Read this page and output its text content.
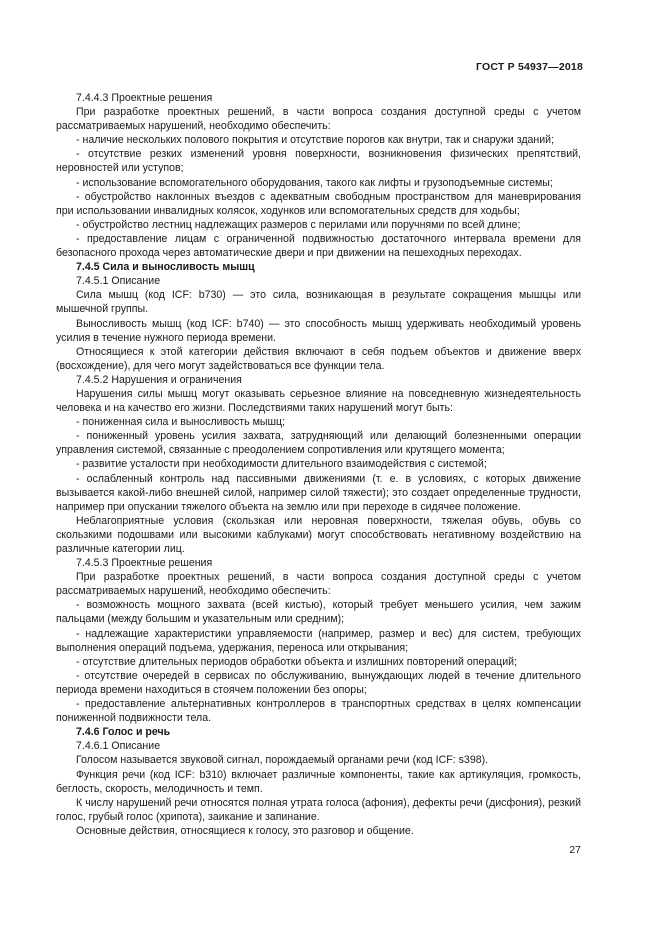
ГОСТ Р 54937—2018
7.4.4.3 Проектные решения

При разработке проектных решений, в части вопроса создания доступной среды с учетом рассматриваемых нарушений, необходимо обеспечить:

- наличие нескольких полового покрытия и отсутствие порогов как внутри, так и снаружи зданий;

- отсутствие резких изменений уровня поверхности, возникновения физических препятствий, неровностей или уступов;

- использование вспомогательного оборудования, такого как лифты и грузоподъемные системы;

- обустройство наклонных въездов с адекватным свободным пространством для маневрирования при использовании инвалидных колясок, ходунков или вспомогательных средств для ходьбы;

- обустройство лестниц надлежащих размеров с перилами или поручнями по всей длине;

- предоставление лицам с ограниченной подвижностью достаточного интервала времени для безопасного прохода через автоматические двери и при движении на пешеходных переходах.

7.4.5 Сила и выносливость мышц
7.4.5.1 Описание

Сила мышц (код ICF: b730) — это сила, возникающая в результате сокращения мышцы или мышечной группы.

Выносливость мышц (код ICF: b740) — это способность мышц удерживать необходимый уровень усилия в течение нужного периода времени.

Относящиеся к этой категории действия включают в себя подъем объектов и движение вверх (восхождение), для чего могут задействоваться все функции тела.

7.4.5.2 Нарушения и ограничения

Нарушения силы мышц могут оказывать серьезное влияние на повседневную жизнедеятельность человека и на качество его жизни. Последствиями таких нарушений могут быть:

- пониженная сила и выносливость мышц;

- пониженный уровень усилия захвата, затрудняющий или делающий болезненными операции управления системой, связанные с преодолением сопротивления или крутящего момента;

- развитие усталости при необходимости длительного взаимодействия с системой;

- ослабленный контроль над пассивными движениями (т. е. в условиях, с которых движение вызывается какой-либо внешней силой, например силой тяжести); это создает определенные трудности, например при опускании тяжелого объекта на землю или при переходе в сидячее положение.

Неблагоприятные условия (скользкая или неровная поверхности, тяжелая обувь, обувь со скользкими подошвами или высокими каблуками) могут способствовать негативному воздействию на различные категории лиц.

7.4.5.3 Проектные решения

При разработке проектных решений, в части вопроса создания доступной среды с учетом рассматриваемых нарушений, необходимо обеспечить:

- возможность мощного захвата (всей кистью), который требует меньшего усилия, чем зажим пальцами (между большим и указательным или средним);

- надлежащие характеристики управляемости (например, размер и вес) для систем, требующих выполнения операций подъема, удержания, переноса или открывания;

- отсутствие длительных периодов обработки объекта и излишних повторений операций;

- отсутствие очередей в сервисах по обслуживанию, вынуждающих людей в течение длительного периода времени находиться в стоячем положении без опоры;

- предоставление альтернативных контроллеров в транспортных средствах в целях компенсации пониженной подвижности тела.

7.4.6 Голос и речь
7.4.6.1 Описание

Голосом называется звуковой сигнал, порождаемый органами речи (код ICF: s398).

Функция речи (код ICF: b310) включает различные компоненты, такие как артикуляция, громкость, беглость, скорость, мелодичность и темп.

К числу нарушений речи относятся полная утрата голоса (афония), дефекты речи (дисфония), резкий голос, грубый голос (хрипота), заикание и запинание.

Основные действия, относящиеся к голосу, это разговор и общение.

27
